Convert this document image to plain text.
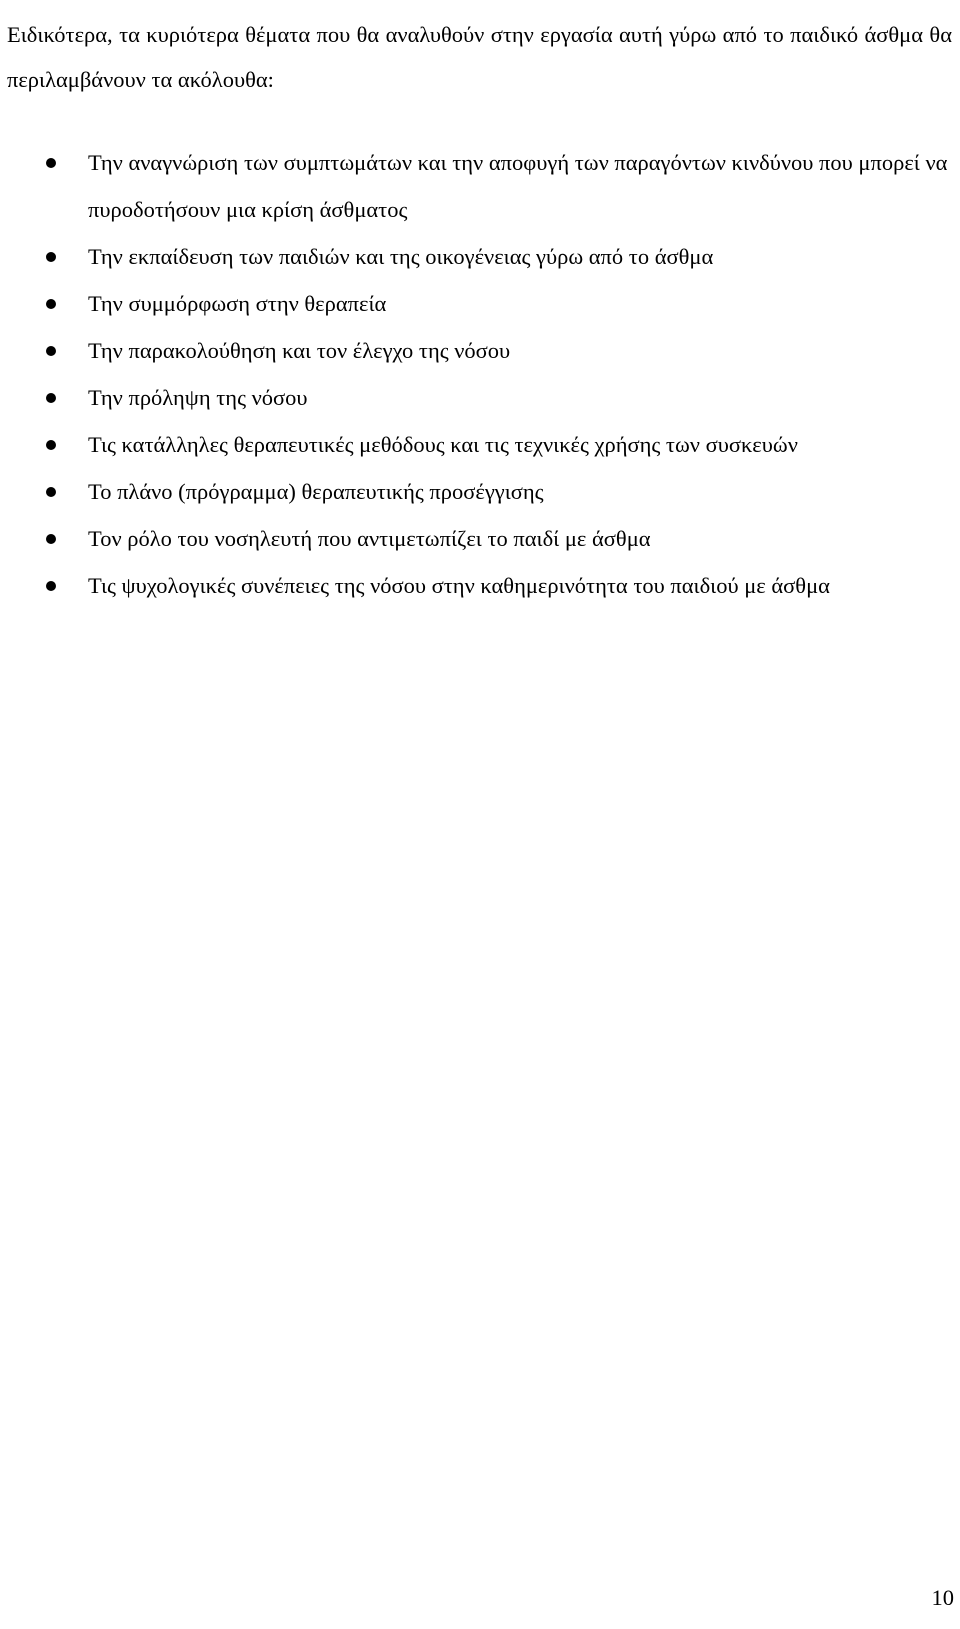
Ειδικότερα, τα κυριότερα θέματα που θα αναλυθούν στην εργασία αυτή γύρω από το παιδικό άσθμα θα περιλαμβάνουν τα ακόλουθα:

Την αναγνώριση των συμπτωμάτων και την αποφυγή των παραγόντων κινδύνου που μπορεί να πυροδοτήσουν μια κρίση άσθματος
Την εκπαίδευση των παιδιών και της οικογένειας γύρω από το άσθμα
Την συμμόρφωση στην θεραπεία
Την παρακολούθηση και τον έλεγχο της νόσου
Την πρόληψη της νόσου
Τις κατάλληλες θεραπευτικές μεθόδους και τις τεχνικές χρήσης των συσκευών
Το πλάνο (πρόγραμμα) θεραπευτικής προσέγγισης
Τον ρόλο του νοσηλευτή που αντιμετωπίζει το παιδί με άσθμα
Τις ψυχολογικές συνέπειες της νόσου στην καθημερινότητα του παιδιού με άσθμα
10
